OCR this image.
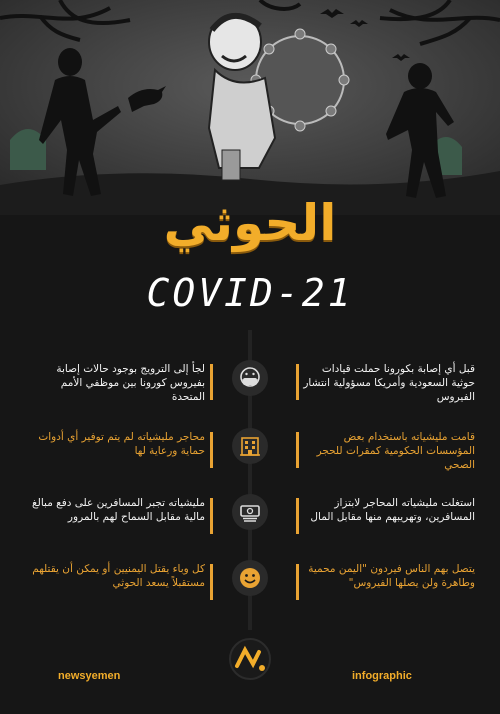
الحوثي
COVID-21
لجأ إلى الترويج بوجود حالات إصابة بفيروس كورونا بين موظفي الأمم المتحدة
قبل أي إصابة بكورونا حملت قيادات حوثية السعودية وأمريكا مسؤولية انتشار الفيروس
محاجر مليشياته لم يتم توفير أي أدوات حماية ورعاية لها
قامت مليشياته باستخدام بعض المؤسسات الحكومية كمقرات للحجر الصحي
مليشياته تجبر المسافرين على دفع مبالغ مالية مقابل السماح لهم بالمرور
استغلت مليشياته المحاجر لابتزاز المسافرين، وتهريبهم منها مقابل المال
كل وباء يقتل اليمنيين أو يمكن أن يقتلهم مستقبلاً يسعد الحوثي
يتصل بهم الناس فيردون "اليمن محمية وطاهرة ولن يصلها الفيروس"
newsyemen	infographic
